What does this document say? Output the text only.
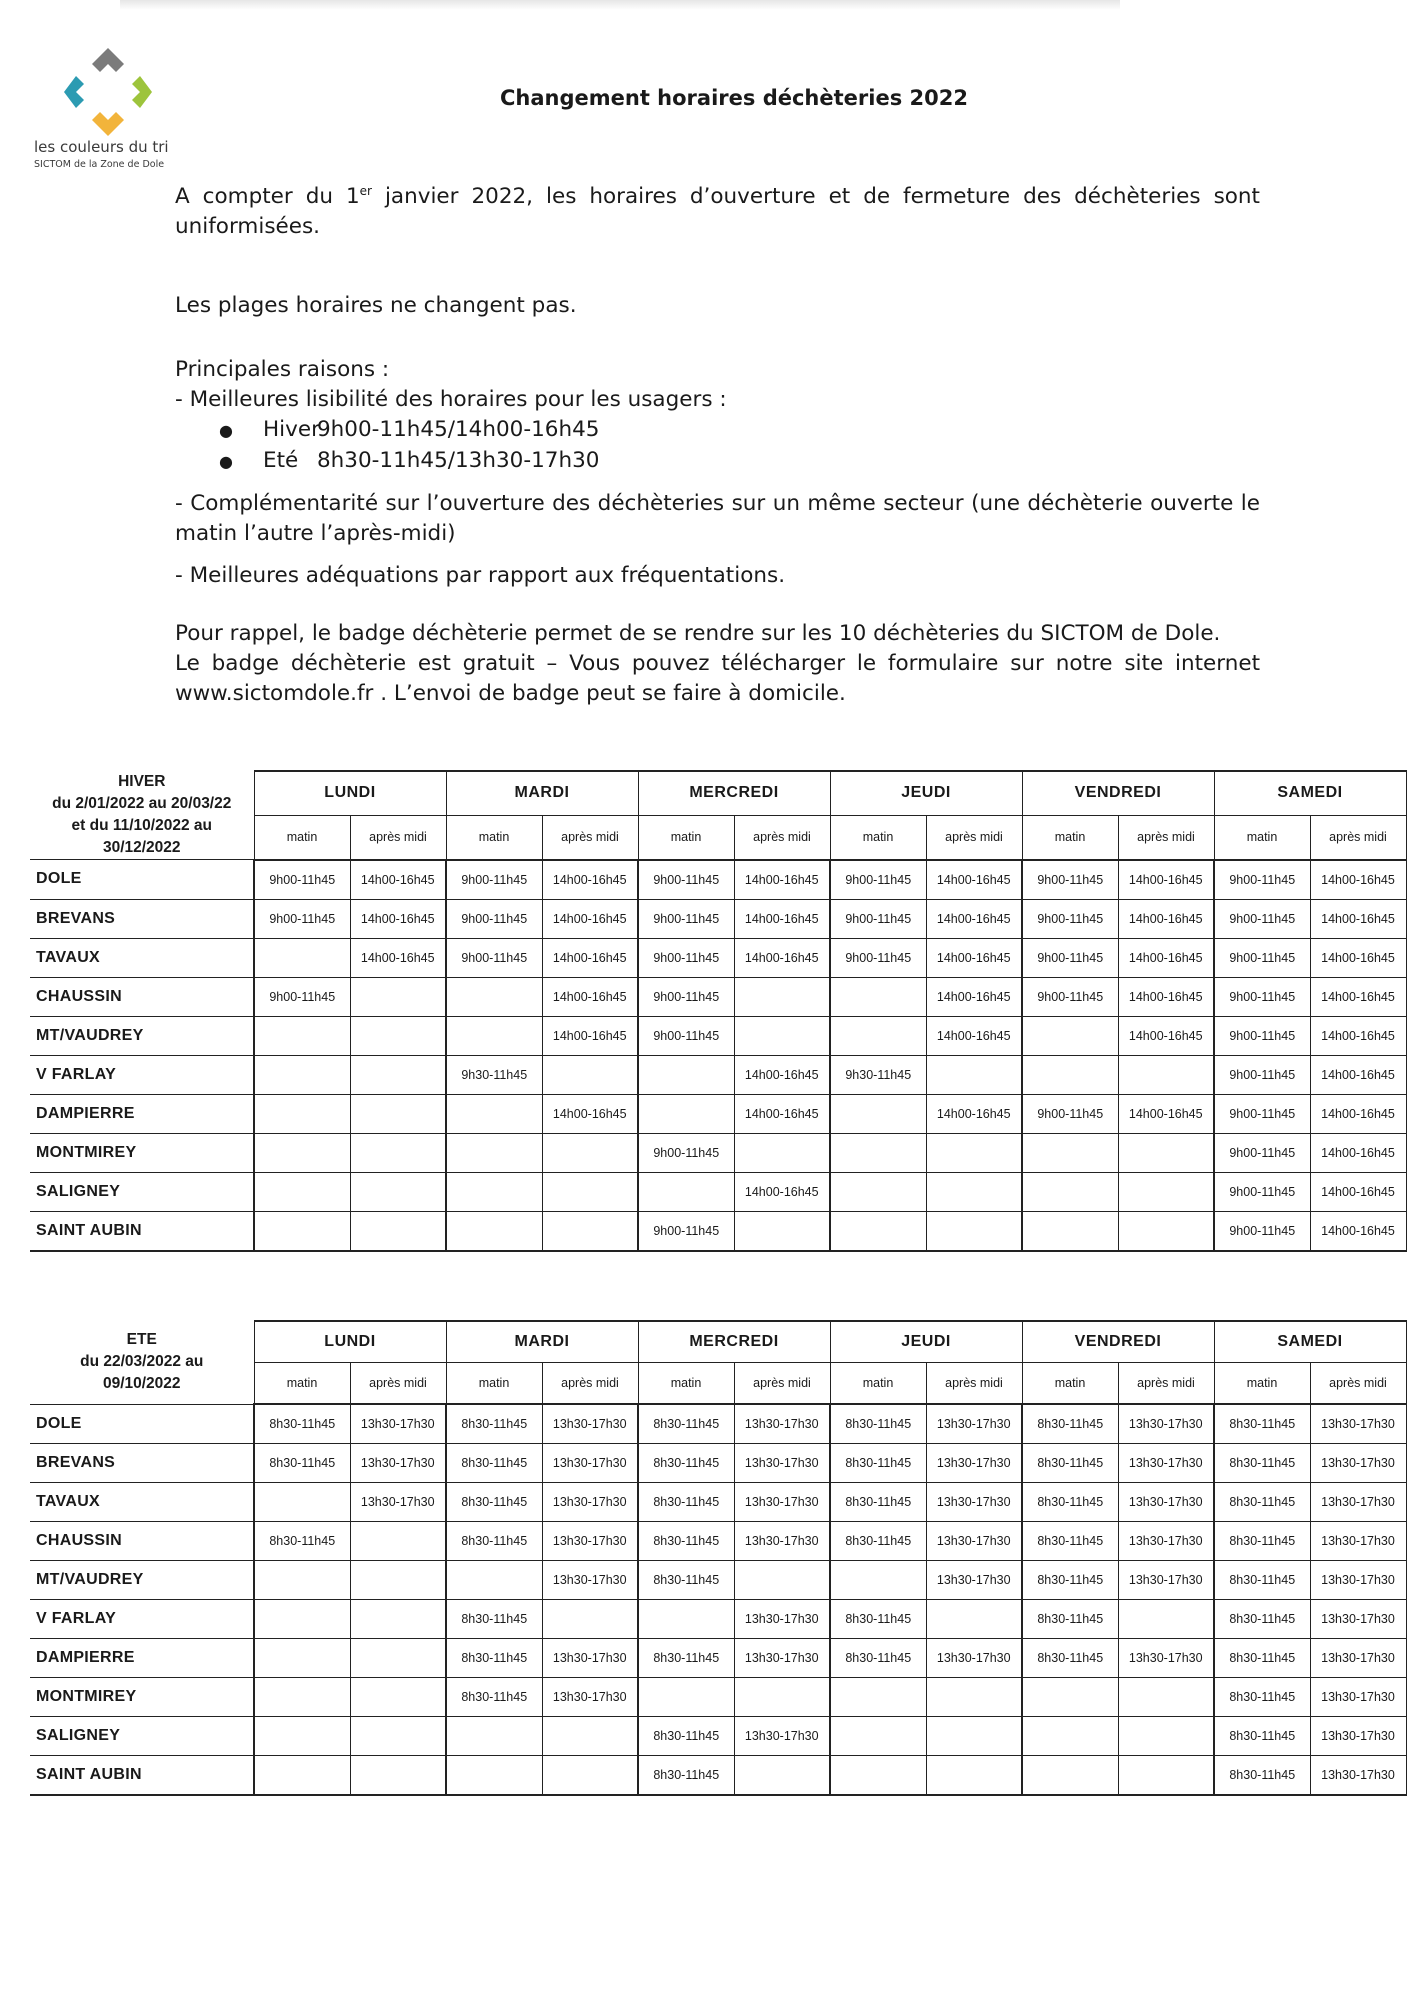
les couleurs du tri
SICTOM de la Zone de Dole
Changement horaires déchèteries 2022

A compter du 1er janvier 2022, les horaires d’ouverture et de fermeture des déchèteries sont

uniformisées.

Les plages horaires ne changent pas.

Principales raisons :

- Meilleures lisibilité des horaires pour les usagers :

●	Hiver9h00-11h45/14h00-16h45
●	Eté 8h30-11h45/13h30-17h30

- Complémentarité sur l’ouverture des déchèteries sur un même secteur (une déchèterie ouverte le

matin l’autre l’après-midi)

- Meilleures adéquations par rapport aux fréquentations.

Pour rappel, le badge déchèterie permet de se rendre sur les 10 déchèteries du SICTOM de Dole.

Le badge déchèterie est gratuit – Vous pouvez télécharger le formulaire sur notre site internet

www.sictomdole.fr . L’envoi de badge peut se faire à domicile.

HIVER
du 2/01/2022 au 20/03/22
et du 11/10/2022 au
30/12/2022	LUNDI		MARDI		MERCREDI		JEUDI		VENDREDI		SAMEDI	
	matin	après midi	matin	après midi	matin	après midi	matin	après midi	matin	après midi	matin	après midi
DOLE	9h00-11h45	14h00-16h45	9h00-11h45	14h00-16h45	9h00-11h45	14h00-16h45	9h00-11h45	14h00-16h45	9h00-11h45	14h00-16h45	9h00-11h45	14h00-16h45
BREVANS	9h00-11h45	14h00-16h45	9h00-11h45	14h00-16h45	9h00-11h45	14h00-16h45	9h00-11h45	14h00-16h45	9h00-11h45	14h00-16h45	9h00-11h45	14h00-16h45
TAVAUX		14h00-16h45	9h00-11h45	14h00-16h45	9h00-11h45	14h00-16h45	9h00-11h45	14h00-16h45	9h00-11h45	14h00-16h45	9h00-11h45	14h00-16h45
CHAUSSIN	9h00-11h45			14h00-16h45	9h00-11h45			14h00-16h45	9h00-11h45	14h00-16h45	9h00-11h45	14h00-16h45
MT/VAUDREY				14h00-16h45	9h00-11h45			14h00-16h45		14h00-16h45	9h00-11h45	14h00-16h45
V FARLAY			9h30-11h45			14h00-16h45	9h30-11h45				9h00-11h45	14h00-16h45
DAMPIERRE				14h00-16h45		14h00-16h45		14h00-16h45	9h00-11h45	14h00-16h45	9h00-11h45	14h00-16h45
MONTMIREY					9h00-11h45						9h00-11h45	14h00-16h45
SALIGNEY						14h00-16h45					9h00-11h45	14h00-16h45
SAINT AUBIN					9h00-11h45						9h00-11h45	14h00-16h45
ETE
du 22/03/2022 au
09/10/2022	LUNDI		MARDI		MERCREDI		JEUDI		VENDREDI		SAMEDI	
	matin	après midi	matin	après midi	matin	après midi	matin	après midi	matin	après midi	matin	après midi
DOLE	8h30-11h45	13h30-17h30	8h30-11h45	13h30-17h30	8h30-11h45	13h30-17h30	8h30-11h45	13h30-17h30	8h30-11h45	13h30-17h30	8h30-11h45	13h30-17h30
BREVANS	8h30-11h45	13h30-17h30	8h30-11h45	13h30-17h30	8h30-11h45	13h30-17h30	8h30-11h45	13h30-17h30	8h30-11h45	13h30-17h30	8h30-11h45	13h30-17h30
TAVAUX		13h30-17h30	8h30-11h45	13h30-17h30	8h30-11h45	13h30-17h30	8h30-11h45	13h30-17h30	8h30-11h45	13h30-17h30	8h30-11h45	13h30-17h30
CHAUSSIN	8h30-11h45		8h30-11h45	13h30-17h30	8h30-11h45	13h30-17h30	8h30-11h45	13h30-17h30	8h30-11h45	13h30-17h30	8h30-11h45	13h30-17h30
MT/VAUDREY				13h30-17h30	8h30-11h45			13h30-17h30	8h30-11h45	13h30-17h30	8h30-11h45	13h30-17h30
V FARLAY			8h30-11h45			13h30-17h30	8h30-11h45		8h30-11h45		8h30-11h45	13h30-17h30
DAMPIERRE			8h30-11h45	13h30-17h30	8h30-11h45	13h30-17h30	8h30-11h45	13h30-17h30	8h30-11h45	13h30-17h30	8h30-11h45	13h30-17h30
MONTMIREY			8h30-11h45	13h30-17h30							8h30-11h45	13h30-17h30
SALIGNEY					8h30-11h45	13h30-17h30					8h30-11h45	13h30-17h30
SAINT AUBIN					8h30-11h45						8h30-11h45	13h30-17h30
